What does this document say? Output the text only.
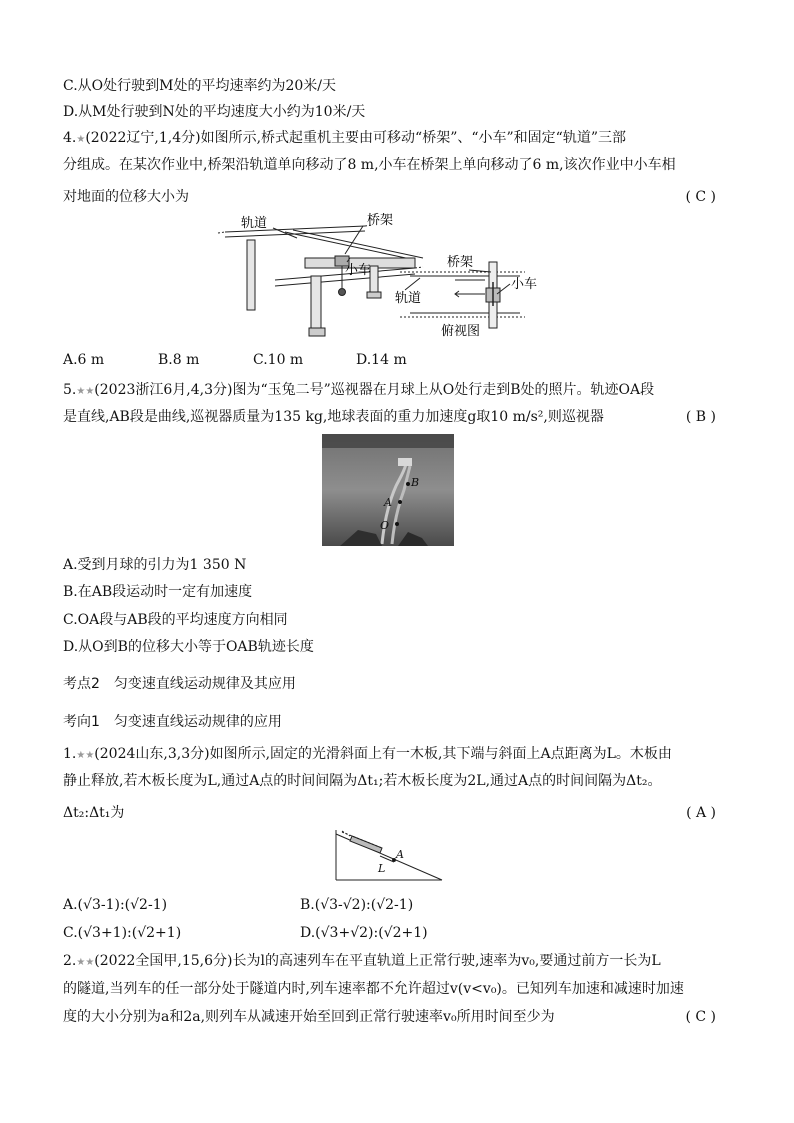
C.从O处行驶到M处的平均速率约为20米/天
D.从M处行驶到N处的平均速度大小约为10米/天
4.★(2022辽宁,1,4分)如图所示,桥式起重机主要由可移动“桥架”、“小车”和固定“轨道”三部
分组成。在某次作业中,桥架沿轨道单向移动了8 m,小车在桥架上单向移动了6 m,该次作业中小车相
对地面的位移大小为	( C )
轨道	桥架
小车
桥架
小车
轨道
俯视图
A.6 m	B.8 m	C.10 m	D.14 m
5.★★(2023浙江6月,4,3分)图为“玉兔二号”巡视器在月球上从O处行走到B处的照片。轨迹OA段
是直线,AB段是曲线,巡视器质量为135 kg,地球表面的重力加速度g取10 m/s²,则巡视器	( B )
B
A
O
A.受到月球的引力为1 350 N
B.在AB段运动时一定有加速度
C.OA段与AB段的平均速度方向相同
D.从O到B的位移大小等于OAB轨迹长度
考点2　匀变速直线运动规律及其应用
考向1　匀变速直线运动规律的应用
1.★★(2024山东,3,3分)如图所示,固定的光滑斜面上有一木板,其下端与斜面上A点距离为L。木板由
静止释放,若木板长度为L,通过A点的时间间隔为Δt₁;若木板长度为2L,通过A点的时间间隔为Δt₂。
Δt₂:Δt₁为	( A )
A
L
A.(√3-1):(√2-1)	B.(√3-√2):(√2-1)
C.(√3+1):(√2+1)	D.(√3+√2):(√2+1)
2.★★(2022全国甲,15,6分)长为l的高速列车在平直轨道上正常行驶,速率为v₀,要通过前方一长为L
的隧道,当列车的任一部分处于隧道内时,列车速率都不允许超过v(v<v₀)。已知列车加速和减速时加速
度的大小分别为a和2a,则列车从减速开始至回到正常行驶速率v₀所用时间至少为	( C )
